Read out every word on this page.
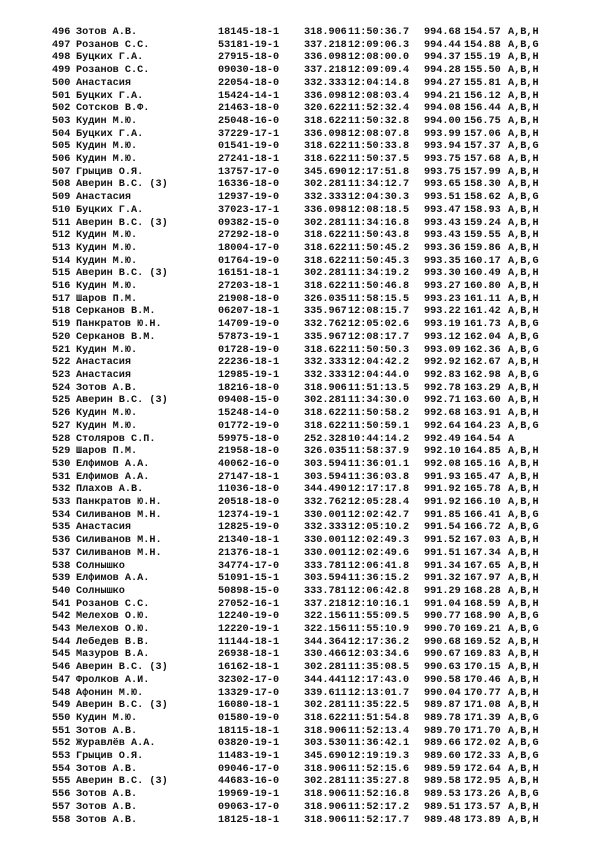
496	Зотов А.В.	18145-18-1	318.906	11:50:36.7	994.68	154.57	A,B,H
497	Розанов С.С.	53181-19-1	337.218	12:09:06.3	994.44	154.88	A,B,G
498	Буцких Г.А.	27915-18-0	336.098	12:08:00.0	994.37	155.19	A,B,H
499	Розанов С.С.	09030-18-0	337.218	12:09:09.4	994.28	155.50	A,B,H
500	Анастасия	22054-18-0	332.333	12:04:14.8	994.27	155.81	A,B,H
501	Буцких Г.А.	15424-14-1	336.098	12:08:03.4	994.21	156.12	A,B,H
502	Сотсков В.Ф.	21463-18-0	320.622	11:52:32.4	994.08	156.44	A,B,H
503	Кудин М.Ю.	25048-16-0	318.622	11:50:32.8	994.00	156.75	A,B,H
504	Буцких Г.А.	37229-17-1	336.098	12:08:07.8	993.99	157.06	A,B,H
505	Кудин М.Ю.	01541-19-0	318.622	11:50:33.8	993.94	157.37	A,B,G
506	Кудин М.Ю.	27241-18-1	318.622	11:50:37.5	993.75	157.68	A,B,H
507	Грыцив О.Я.	13757-17-0	345.690	12:17:51.8	993.75	157.99	A,B,H
508	Аверин В.С. (3)	16336-18-0	302.281	11:34:12.7	993.65	158.30	A,B,H
509	Анастасия	12937-19-0	332.333	12:04:30.3	993.51	158.62	A,B,G
510	Буцких Г.А.	37023-17-1	336.098	12:08:18.5	993.47	158.93	A,B,H
511	Аверин В.С. (3)	09382-15-0	302.281	11:34:16.8	993.43	159.24	A,B,H
512	Кудин М.Ю.	27292-18-0	318.622	11:50:43.8	993.43	159.55	A,B,H
513	Кудин М.Ю.	18004-17-0	318.622	11:50:45.2	993.36	159.86	A,B,H
514	Кудин М.Ю.	01764-19-0	318.622	11:50:45.3	993.35	160.17	A,B,G
515	Аверин В.С. (3)	16151-18-1	302.281	11:34:19.2	993.30	160.49	A,B,H
516	Кудин М.Ю.	27203-18-1	318.622	11:50:46.8	993.27	160.80	A,B,H
517	Шаров П.М.	21908-18-0	326.035	11:58:15.5	993.23	161.11	A,B,H
518	Серканов В.М.	06207-18-1	335.967	12:08:15.7	993.22	161.42	A,B,H
519	Панкратов Ю.Н.	14709-19-0	332.762	12:05:02.6	993.19	161.73	A,B,G
520	Серканов В.М.	57873-19-1	335.967	12:08:17.7	993.12	162.04	A,B,G
521	Кудин М.Ю.	01728-19-0	318.622	11:50:50.3	993.09	162.36	A,B,G
522	Анастасия	22236-18-1	332.333	12:04:42.2	992.92	162.67	A,B,H
523	Анастасия	12985-19-1	332.333	12:04:44.0	992.83	162.98	A,B,G
524	Зотов А.В.	18216-18-0	318.906	11:51:13.5	992.78	163.29	A,B,H
525	Аверин В.С. (3)	09408-15-0	302.281	11:34:30.0	992.71	163.60	A,B,H
526	Кудин М.Ю.	15248-14-0	318.622	11:50:58.2	992.68	163.91	A,B,H
527	Кудин М.Ю.	01772-19-0	318.622	11:50:59.1	992.64	164.23	A,B,G
528	Столяров С.П.	59975-18-0	252.328	10:44:14.2	992.49	164.54	A
529	Шаров П.М.	21958-18-0	326.035	11:58:37.9	992.10	164.85	A,B,H
530	Елфимов А.А.	40062-16-0	303.594	11:36:01.1	992.08	165.16	A,B,H
531	Елфимов А.А.	27147-18-1	303.594	11:36:03.8	991.93	165.47	A,B,H
532	Плахов А.В.	11036-18-0	344.490	12:17:17.8	991.92	165.78	A,B,H
533	Панкратов Ю.Н.	20518-18-0	332.762	12:05:28.4	991.92	166.10	A,B,H
534	Силиванов М.Н.	12374-19-1	330.001	12:02:42.7	991.85	166.41	A,B,G
535	Анастасия	12825-19-0	332.333	12:05:10.2	991.54	166.72	A,B,G
536	Силиванов М.Н.	21340-18-1	330.001	12:02:49.3	991.52	167.03	A,B,H
537	Силиванов М.Н.	21376-18-1	330.001	12:02:49.6	991.51	167.34	A,B,H
538	Солнышко	34774-17-0	333.781	12:06:41.8	991.34	167.65	A,B,H
539	Елфимов А.А.	51091-15-1	303.594	11:36:15.2	991.32	167.97	A,B,H
540	Солнышко	50898-15-0	333.781	12:06:42.8	991.29	168.28	A,B,H
541	Розанов С.С.	27052-16-1	337.218	12:10:16.1	991.04	168.59	A,B,H
542	Мелехов О.Ю.	12240-19-0	322.156	11:55:09.5	990.77	168.90	A,B,G
543	Мелехов О.Ю.	12220-19-1	322.156	11:55:10.9	990.70	169.21	A,B,G
544	Лебедев В.В.	11144-18-1	344.364	12:17:36.2	990.68	169.52	A,B,H
545	Мазуров В.А.	26938-18-1	330.466	12:03:34.6	990.67	169.83	A,B,H
546	Аверин В.С. (3)	16162-18-1	302.281	11:35:08.5	990.63	170.15	A,B,H
547	Фролков А.И.	32302-17-0	344.441	12:17:43.0	990.58	170.46	A,B,H
548	Афонин М.Ю.	13329-17-0	339.611	12:13:01.7	990.04	170.77	A,B,H
549	Аверин В.С. (3)	16080-18-1	302.281	11:35:22.5	989.87	171.08	A,B,H
550	Кудин М.Ю.	01580-19-0	318.622	11:51:54.8	989.78	171.39	A,B,G
551	Зотов А.В.	18115-18-1	318.906	11:52:13.4	989.70	171.70	A,B,H
552	Журавлёв А.А.	03820-19-1	303.530	11:36:42.1	989.66	172.02	A,B,G
553	Грыцив О.Я.	11483-19-1	345.690	12:19:19.3	989.60	172.33	A,B,G
554	Зотов А.В.	09046-17-0	318.906	11:52:15.6	989.59	172.64	A,B,H
555	Аверин В.С. (3)	44683-16-0	302.281	11:35:27.8	989.58	172.95	A,B,H
556	Зотов А.В.	19969-19-1	318.906	11:52:16.8	989.53	173.26	A,B,G
557	Зотов А.В.	09063-17-0	318.906	11:52:17.2	989.51	173.57	A,B,H
558	Зотов А.В.	18125-18-1	318.906	11:52:17.7	989.48	173.89	A,B,H
